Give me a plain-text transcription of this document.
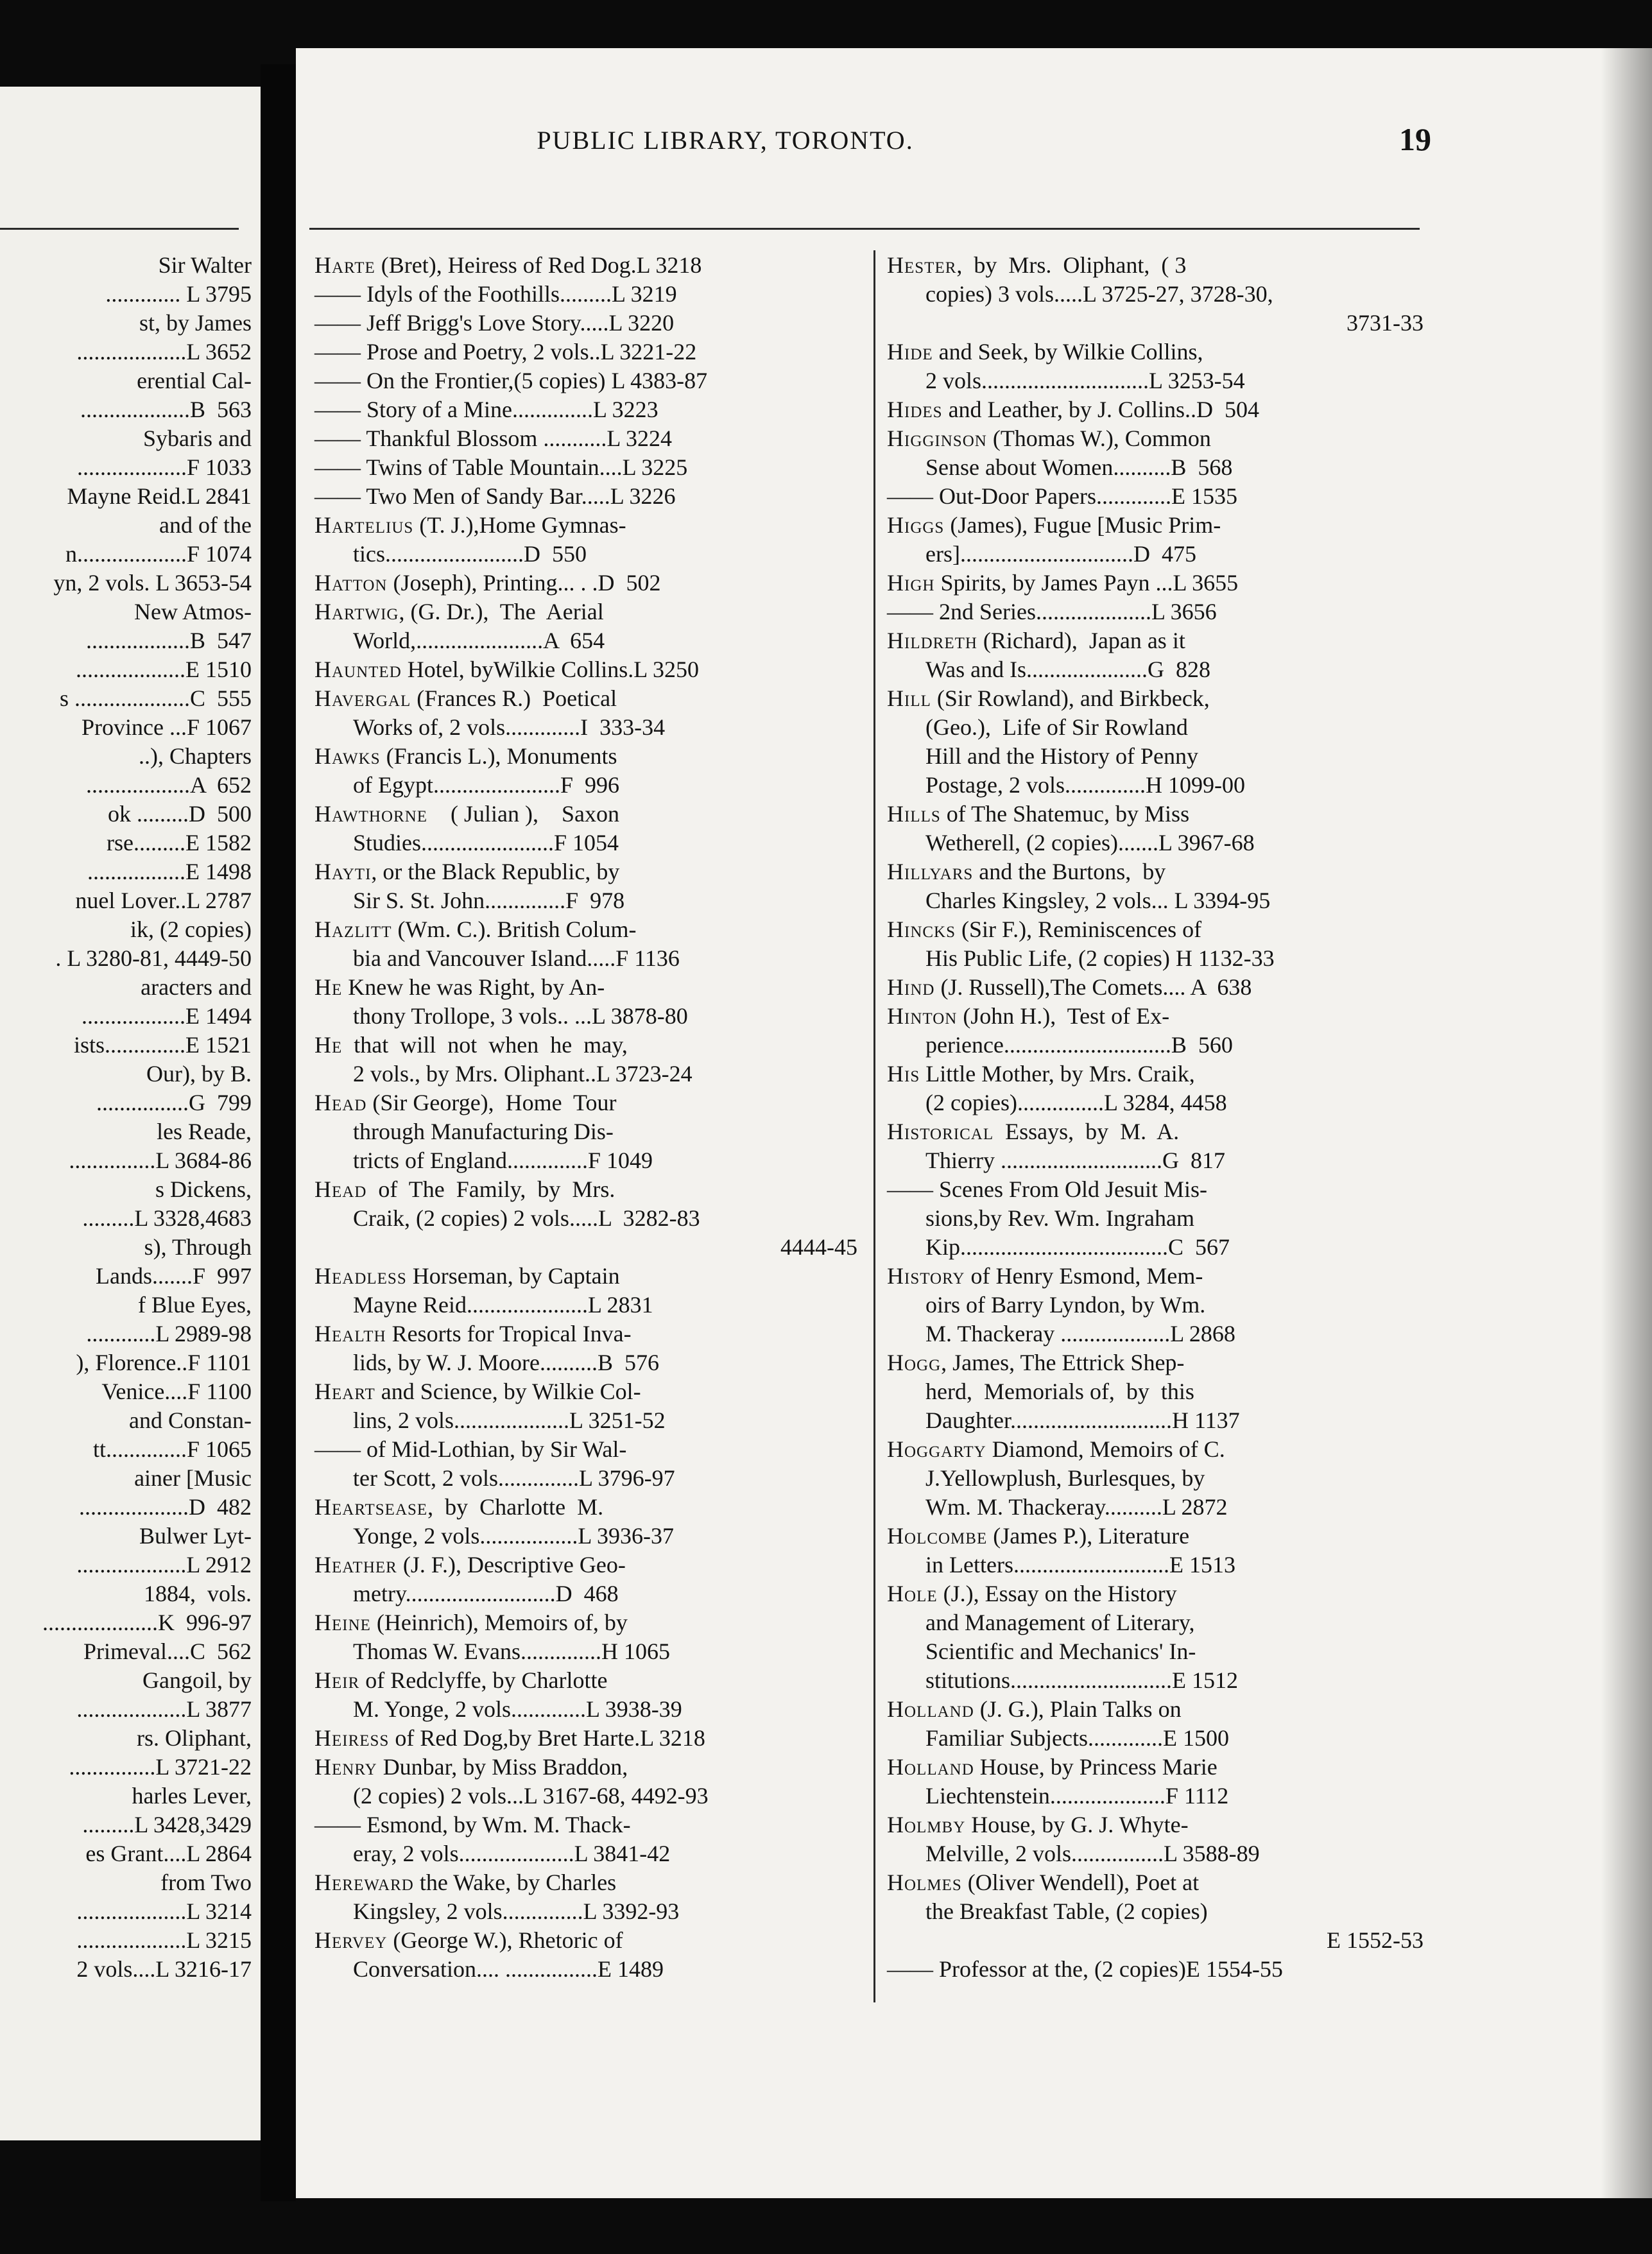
PUBLIC LIBRARY, TORONTO.	19
Sir Walter
............. L 3795
st, by James
...................L 3652
erential Cal-
...................B  563
Sybaris and
...................F 1033
Mayne Reid.L 2841
and of the
n...................F 1074
yn, 2 vols. L 3653-54
New Atmos-
..................B  547
...................E 1510
s ....................C  555
Province ...F 1067
..), Chapters
..................A  652
ok .........D  500
rse.........E 1582
.................E 1498
nuel Lover..L 2787
ik, (2 copies)
. L 3280-81, 4449-50
aracters and
..................E 1494
ists..............E 1521
Our), by B.
................G  799
les Reade,
...............L 3684-86
s Dickens,
.........L 3328,4683
s), Through
Lands.......F  997
f Blue Eyes,
............L 2989-98
), Florence..F 1101
Venice....F 1100
and Constan-
tt..............F 1065
ainer [Music
...................D  482
Bulwer Lyt-
...................L 2912
1884,  vols.
....................K  996-97
Primeval....C  562
Gangoil, by
...................L 3877
rs. Oliphant,
...............L 3721-22
harles Lever,
.........L 3428,3429
es Grant....L 2864
from Two
...................L 3214
...................L 3215
2 vols....L 3216-17
Harte (Bret), Heiress of Red Dog.L 3218
—— Idyls of the Foothills.........L 3219
—— Jeff Brigg's Love Story.....L 3220
—— Prose and Poetry, 2 vols..L 3221-22
—— On the Frontier,(5 copies) L 4383-87
—— Story of a Mine..............L 3223
—— Thankful Blossom ...........L 3224
—— Twins of Table Mountain....L 3225
—— Two Men of Sandy Bar.....L 3226
Hartelius (T. J.),Home Gymnas-
tics........................D  550
Hatton (Joseph), Printing... . .D  502
Hartwig, (G. Dr.),  The  Aerial
World,......................A  654
Haunted Hotel, byWilkie Collins.L 3250
Havergal (Frances R.)  Poetical
Works of, 2 vols.............I  333-34
Hawks (Francis L.), Monuments
of Egypt......................F  996
Hawthorne    ( Julian ),    Saxon
Studies.......................F 1054
Hayti, or the Black Republic, by
Sir S. St. John..............F  978
Hazlitt (Wm. C.). British Colum-
bia and Vancouver Island.....F 1136
He Knew he was Right, by An-
thony Trollope, 3 vols.. ...L 3878-80
He  that  will  not  when  he  may,
2 vols., by Mrs. Oliphant..L 3723-24
Head (Sir George),  Home  Tour
through Manufacturing Dis-
tricts of England..............F 1049
Head  of  The  Family,  by  Mrs.
Craik, (2 copies) 2 vols.....L  3282-83
4444-45
Headless Horseman, by Captain
Mayne Reid.....................L 2831
Health Resorts for Tropical Inva-
lids, by W. J. Moore..........B  576
Heart and Science, by Wilkie Col-
lins, 2 vols....................L 3251-52
—— of Mid-Lothian, by Sir Wal-
ter Scott, 2 vols..............L 3796-97
Heartsease,  by  Charlotte  M.
Yonge, 2 vols.................L 3936-37
Heather (J. F.), Descriptive Geo-
metry..........................D  468
Heine (Heinrich), Memoirs of, by
Thomas W. Evans..............H 1065
Heir of Redclyffe, by Charlotte
M. Yonge, 2 vols.............L 3938-39
Heiress of Red Dog,by Bret Harte.L 3218
Henry Dunbar, by Miss Braddon,
(2 copies) 2 vols...L 3167-68, 4492-93
—— Esmond, by Wm. M. Thack-
eray, 2 vols....................L 3841-42
Hereward the Wake, by Charles
Kingsley, 2 vols..............L 3392-93
Hervey (George W.), Rhetoric of
Conversation.... ................E 1489
Hester,  by  Mrs.  Oliphant,  ( 3
copies) 3 vols.....L 3725-27, 3728-30,
3731-33
Hide and Seek, by Wilkie Collins,
2 vols.............................L 3253-54
Hides and Leather, by J. Collins..D  504
Higginson (Thomas W.), Common
Sense about Women..........B  568
—— Out-Door Papers.............E 1535
Higgs (James), Fugue [Music Prim-
ers]..............................D  475
High Spirits, by James Payn ...L 3655
—— 2nd Series....................L 3656
Hildreth (Richard),  Japan as it
Was and Is.....................G  828
Hill (Sir Rowland), and Birkbeck,
(Geo.),  Life of Sir Rowland
Hill and the History of Penny
Postage, 2 vols..............H 1099-00
Hills of The Shatemuc, by Miss
Wetherell, (2 copies).......L 3967-68
Hillyars and the Burtons,  by
Charles Kingsley, 2 vols... L 3394-95
Hincks (Sir F.), Reminiscences of
His Public Life, (2 copies) H 1132-33
Hind (J. Russell),The Comets.... A  638
Hinton (John H.),  Test of Ex-
perience.............................B  560
His Little Mother, by Mrs. Craik,
(2 copies)...............L 3284, 4458
Historical  Essays,  by  M.  A.
Thierry ............................G  817
—— Scenes From Old Jesuit Mis-
sions,by Rev. Wm. Ingraham
Kip....................................C  567
History of Henry Esmond, Mem-
oirs of Barry Lyndon, by Wm.
M. Thackeray ...................L 2868
Hogg, James, The Ettrick Shep-
herd,  Memorials of,  by  this
Daughter............................H 1137
Hoggarty Diamond, Memoirs of C.
J.Yellowplush, Burlesques, by
Wm. M. Thackeray..........L 2872
Holcombe (James P.), Literature
in Letters...........................E 1513
Hole (J.), Essay on the History
and Management of Literary,
Scientific and Mechanics' In-
stitutions............................E 1512
Holland (J. G.), Plain Talks on
Familiar Subjects.............E 1500
Holland House, by Princess Marie
Liechtenstein....................F 1112
Holmby House, by G. J. Whyte-
Melville, 2 vols................L 3588-89
Holmes (Oliver Wendell), Poet at
the Breakfast Table, (2 copies)
E 1552-53
—— Professor at the, (2 copies)E 1554-55
